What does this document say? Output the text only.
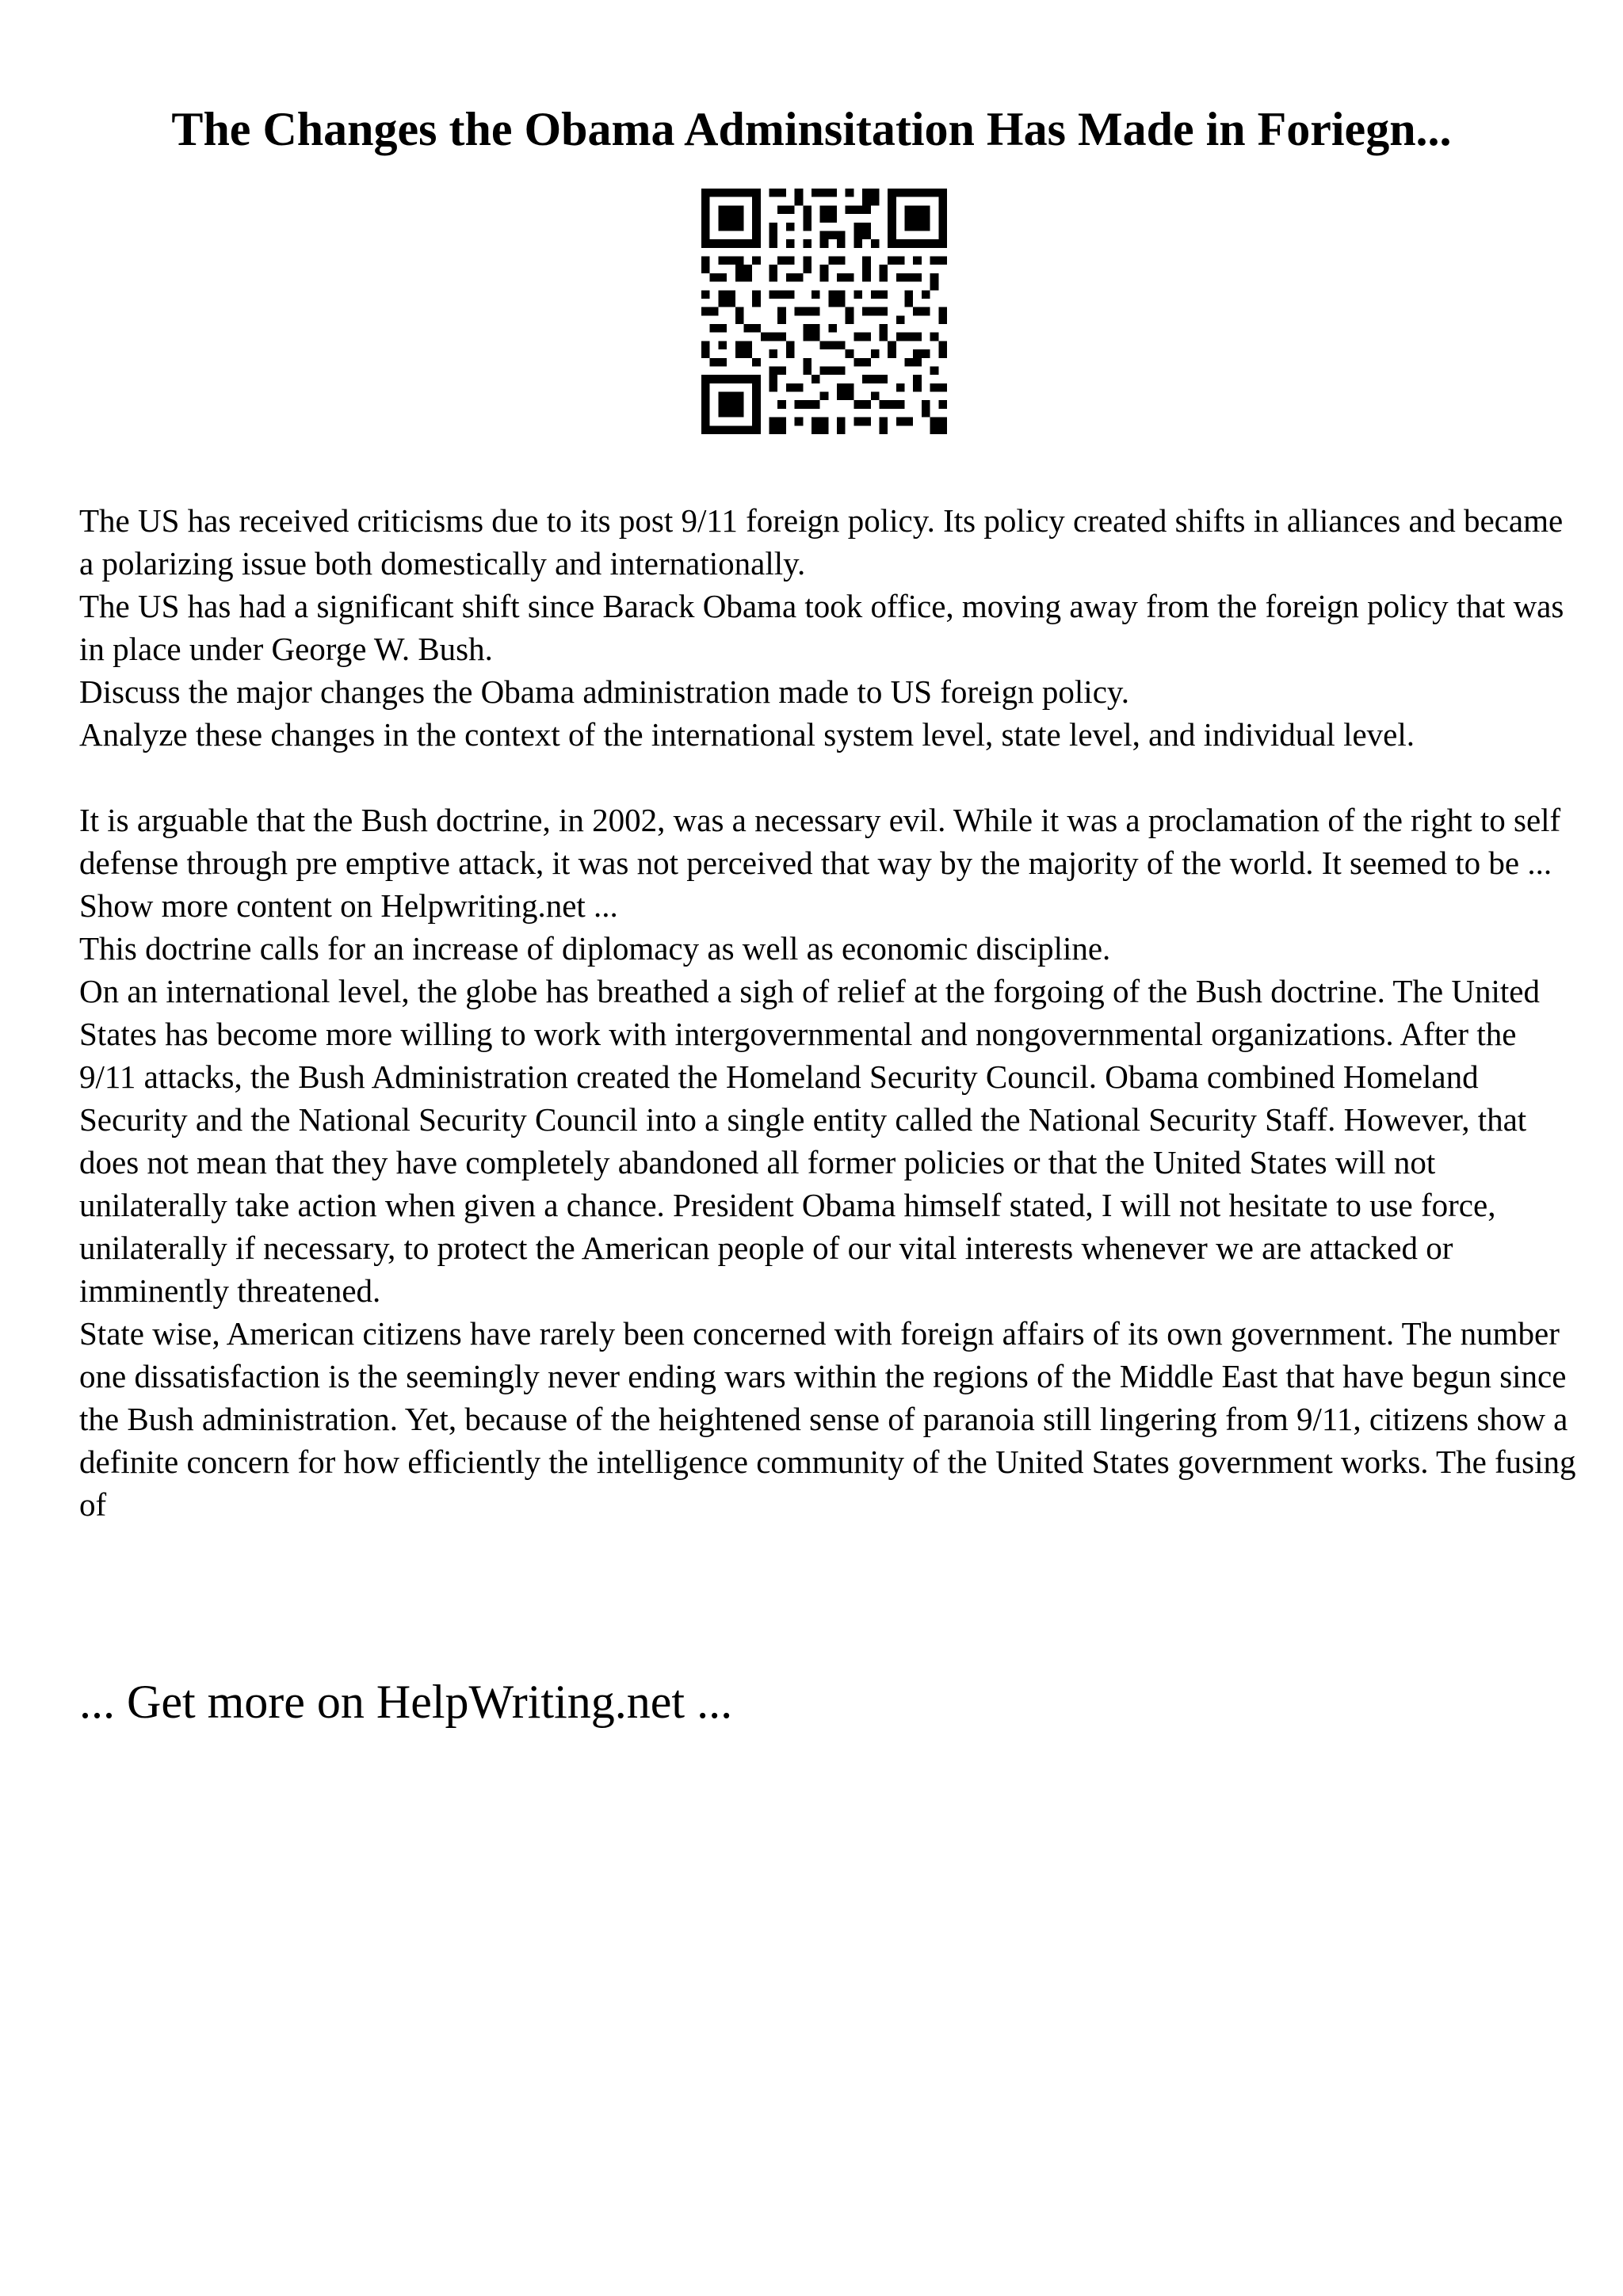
The Changes the Obama Adminsitation Has Made in Foriegn...

The US has received criticisms due to its post 9/11 foreign policy. Its policy created shifts in alliances and became a polarizing issue both domestically and internationally.

The US has had a significant shift since Barack Obama took office, moving away from the foreign policy that was in place under George W. Bush.

Discuss the major changes the Obama administration made to US foreign policy.

Analyze these changes in the context of the international system level, state level, and individual level.

It is arguable that the Bush doctrine, in 2002, was a necessary evil. While it was a proclamation of the right to self defense through pre emptive attack, it was not perceived that way by the majority of the world. It seemed to be ... Show more content on Helpwriting.net ...

This doctrine calls for an increase of diplomacy as well as economic discipline.

On an international level, the globe has breathed a sigh of relief at the forgoing of the Bush doctrine. The United States has become more willing to work with intergovernmental and nongovernmental organizations. After the 9/11 attacks, the Bush Administration created the Homeland Security Council. Obama combined Homeland Security and the National Security Council into a single entity called the National Security Staff. However, that does not mean that they have completely abandoned all former policies or that the United States will not unilaterally take action when given a chance. President Obama himself stated, I will not hesitate to use force, unilaterally if necessary, to protect the American people of our vital interests whenever we are attacked or imminently threatened.

State wise, American citizens have rarely been concerned with foreign affairs of its own government. The number one dissatisfaction is the seemingly never ending wars within the regions of the Middle East that have begun since the Bush administration. Yet, because of the heightened sense of paranoia still lingering from 9/11, citizens show a definite concern for how efficiently the intelligence community of the United States government works. The fusing of

... Get more on HelpWriting.net ...
